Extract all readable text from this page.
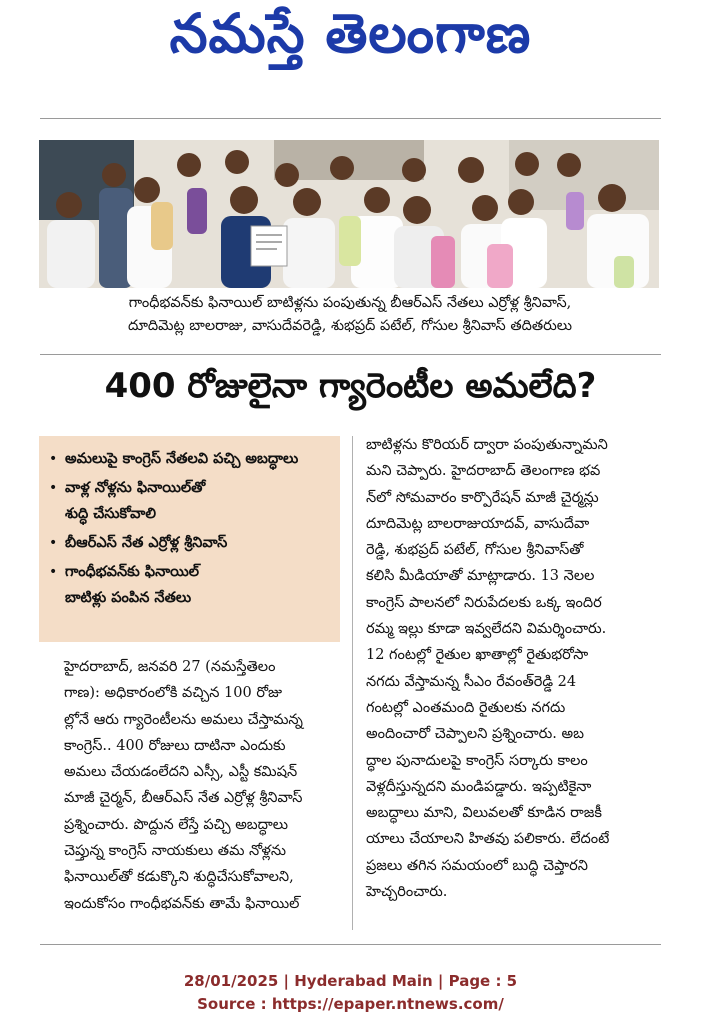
నమస్తే తెలంగాణ
గాంధీభవన్‌కు ఫినాయిల్ బాటిళ్లను పంపుతున్న బీఆర్‌ఎస్ నేతలు ఎర్రోళ్ల శ్రీనివాస్,
దూదిమెట్ల బాలరాజు, వాసుదేవరెడ్డి, శుభప్రద్ పటేల్, గోసుల శ్రీనివాస్ తదితరులు
400 రోజులైనా గ్యారెంటీల అమలేది?
• అమలుపై కాంగ్రెస్ నేతలవి పచ్చి అబద్ధాలు
• వాళ్ల నోళ్లను ఫినాయిల్‌తో
శుద్ధి చేసుకోవాలి
• బీఆర్‌ఎస్ నేత ఎర్రోళ్ల శ్రీనివాస్
• గాంధీభవన్‌కు ఫినాయిల్
బాటిళ్లు పంపిన నేతలు
హైదరాబాద్, జనవరి 27 (నమస్తేతెలం
గాణ): అధికారంలోకి వచ్చిన 100 రోజు
ల్లోనే ఆరు గ్యారెంటీలను అమలు చేస్తామన్న
కాంగ్రెస్.. 400 రోజులు దాటినా ఎందుకు
అమలు చేయడంలేదని ఎస్సీ, ఎస్టీ కమిషన్
మాజీ చైర్మన్, బీఆర్‌ఎస్ నేత ఎర్రోళ్ల శ్రీనివాస్
ప్రశ్నించారు. పొద్దున లేస్తే పచ్చి అబద్ధాలు
చెప్తున్న కాంగ్రెస్ నాయకులు తమ నోళ్లను
ఫినాయిల్‌తో కడుక్కొని శుద్ధిచేసుకోవాలని,
ఇందుకోసం గాంధీభవన్‌కు తామే ఫినాయిల్
బాటిళ్లను కొరియర్ ద్వారా పంపుతున్నామని
మని చెప్పారు. హైదరాబాద్ తెలంగాణ భవ
న్‌లో సోమవారం కార్పొరేషన్ మాజీ చైర్మన్లు
దూదిమెట్ల బాలరాజుయాదవ్, వాసుదేవా
రెడ్డి, శుభప్రద్ పటేల్, గోసుల శ్రీనివాస్‌తో
కలిసి మీడియాతో మాట్లాడారు. 13 నెలల
కాంగ్రెస్ పాలనలో నిరుపేదలకు ఒక్క ఇందిర
రమ్మ ఇల్లు కూడా ఇవ్వలేదని విమర్శించారు.
12 గంటల్లో రైతుల ఖాతాల్లో రైతుభరోసా
నగదు వేస్తామన్న సీఎం రేవంత్‌రెడ్డి 24
గంటల్లో ఎంతమంది రైతులకు నగదు
అందించారో చెప్పాలని ప్రశ్నించారు. అబ
ద్ధాల పునాదులపై కాంగ్రెస్ సర్కారు కాలం
వెళ్లదీస్తున్నదని మండిపడ్డారు. ఇప్పటికైనా
అబద్ధాలు మాని, విలువలతో కూడిన రాజకీ
యాలు చేయాలని హితవు పలికారు. లేదంటే
ప్రజలు తగిన సమయంలో బుద్ధి చెప్తారని
హెచ్చరించారు.
28/01/2025 | Hyderabad Main | Page : 5
Source : https://epaper.ntnews.com/
